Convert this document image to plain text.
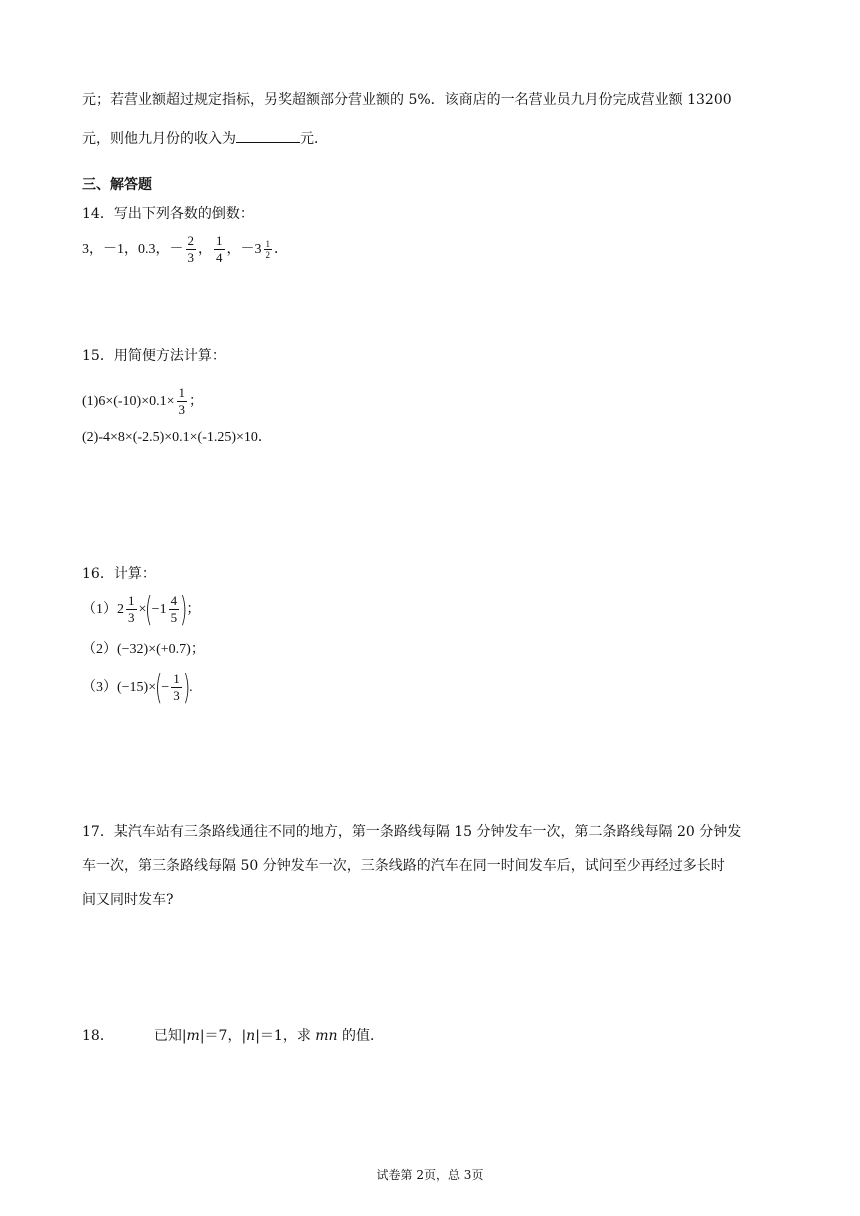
元；若营业额超过规定指标，另奖超额部分营业额的 5%．该商店的一名营业员九月份完成营业额 13200
元，则他九月份的收入为	元．
三、解答题
14．写出下列各数的倒数：
3，－1，0.3，－ $\frac{2}{3}$ ， $\frac{1}{4}$ ，$-3 \frac{1}{2}$ ．
15．用简便方法计算：
$(1)6\times(-10)\times 0.1\times \frac{1}{3}$ ；
(2)-4×8×(-2.5)×0.1×(-1.25)×10．
16．计算：
$(1)2 \frac{1}{3} \times(-1 \frac{4}{5}$ )；
（2）(−32)×(+0.7)；
$(3)(-15)\times(- \frac{1}{3}$ ).
17．某汽车站有三条路线通往不同的地方，第一条路线每隔 15 分钟发车一次，第二条路线每隔 20 分钟发
车一次，第三条路线每隔 50 分钟发车一次，三条线路的汽车在同一时间发车后，试问至少再经过多长时
间又同时发车?
18．	已知|m|＝7，|n|＝1，求 mn 的值．
试卷第 2页，总 3页
